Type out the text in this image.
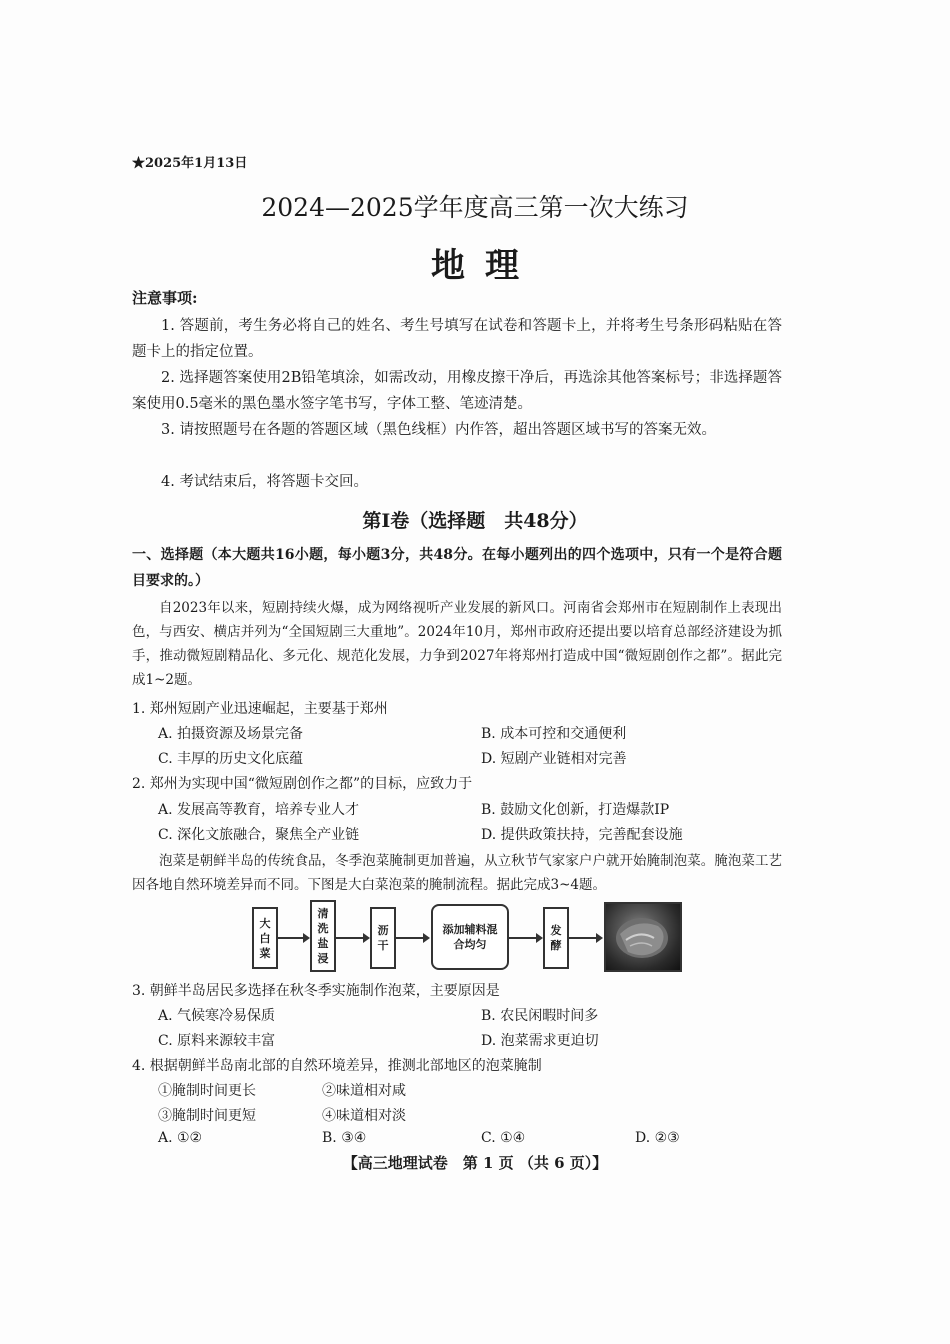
★2025年1月13日
2024—2025学年度高三第一次大练习
地理
注意事项:
1. 答题前，考生务必将自己的姓名、考生号填写在试卷和答题卡上，并将考生号条形码粘贴在答题卡上的指定位置。
2. 选择题答案使用2B铅笔填涂，如需改动，用橡皮擦干净后，再选涂其他答案标号；非选择题答案使用0.5毫米的黑色墨水签字笔书写，字体工整、笔迹清楚。
3. 请按照题号在各题的答题区域（黑色线框）内作答，超出答题区域书写的答案无效。
4. 考试结束后，将答题卡交回。
第Ⅰ卷（选择题　共48分）
一、选择题（本大题共16小题，每小题3分，共48分。在每小题列出的四个选项中，只有一个是符合题目要求的。）
自2023年以来，短剧持续火爆，成为网络视听产业发展的新风口。河南省会郑州市在短剧制作上表现出色，与西安、横店并列为“全国短剧三大重地”。2024年10月，郑州市政府还提出要以培育总部经济建设为抓手，推动微短剧精品化、多元化、规范化发展，力争到2027年将郑州打造成中国“微短剧创作之都”。据此完成1~2题。
1. 郑州短剧产业迅速崛起，主要基于郑州
A. 拍摄资源及场景完备	B. 成本可控和交通便利
C. 丰厚的历史文化底蕴	D. 短剧产业链相对完善
2. 郑州为实现中国“微短剧创作之都”的目标，应致力于
A. 发展高等教育，培养专业人才	B. 鼓励文化创新，打造爆款IP
C. 深化文旅融合，聚焦全产业链	D. 提供政策扶持，完善配套设施
泡菜是朝鲜半岛的传统食品，冬季泡菜腌制更加普遍，从立秋节气家家户户就开始腌制泡菜。腌泡菜工艺因各地自然环境差异而不同。下图是大白菜泡菜的腌制流程。据此完成3~4题。
大白菜
清洗盐浸
沥干
添加辅料混合均匀
发酵
3. 朝鲜半岛居民多选择在秋冬季实施制作泡菜，主要原因是
A. 气候寒冷易保质	B. 农民闲暇时间多
C. 原料来源较丰富	D. 泡菜需求更迫切
4. 根据朝鲜半岛南北部的自然环境差异，推测北部地区的泡菜腌制
①腌制时间更长	②味道相对咸
③腌制时间更短	④味道相对淡
A. ①②	B. ③④	C. ①④	D. ②③
【高三地理试卷　第 1 页 （共 6 页）】
